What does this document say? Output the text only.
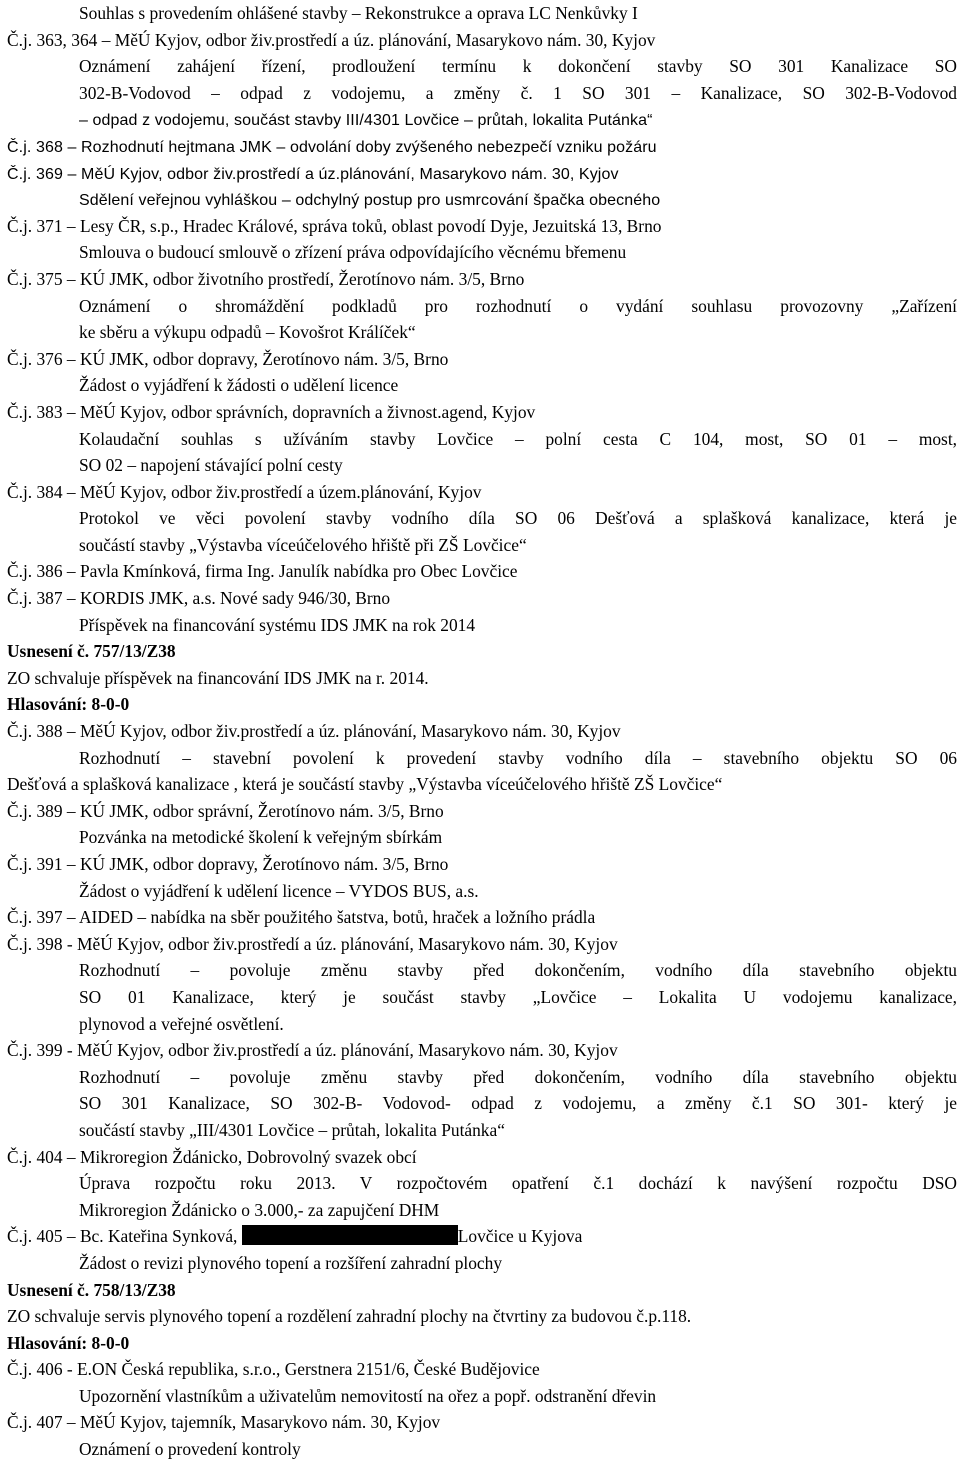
Souhlas s provedením ohlášené stavby – Rekonstrukce a oprava LC Nenkůvky I
Č.j. 363, 364 – MěÚ Kyjov, odbor živ.prostředí a úz. plánování, Masarykovo nám. 30, Kyjov
Oznámení zahájení řízení, prodloužení termínu k dokončení stavby SO 301 Kanalizace SO
302-B-Vodovod – odpad z vodojemu, a změny č. 1 SO 301 – Kanalizace, SO 302-B-Vodovod
– odpad z vodojemu, součást stavby III/4301 Lovčice – průtah, lokalita Putánka“
Č.j. 368 – Rozhodnutí hejtmana JMK – odvolání doby zvýšeného nebezpečí vzniku požáru
Č.j. 369 – MěÚ Kyjov, odbor živ.prostředí a úz.plánování, Masarykovo nám. 30, Kyjov
Sdělení veřejnou vyhláškou – odchylný postup pro usmrcování špačka obecného
Č.j. 371 – Lesy ČR, s.p., Hradec Králové, správa toků, oblast povodí Dyje, Jezuitská 13, Brno
Smlouva o budoucí smlouvě o zřízení práva odpovídajícího věcnému břemenu
Č.j. 375 – KÚ JMK, odbor životního prostředí, Žerotínovo nám. 3/5, Brno
Oznámení o shromáždění podkladů pro rozhodnutí o vydání souhlasu provozovny „Zařízení
ke sběru a výkupu odpadů – Kovošrot Králíček“
Č.j. 376 – KÚ JMK, odbor dopravy, Žerotínovo nám. 3/5, Brno
Žádost o vyjádření k žádosti o udělení licence
Č.j. 383 – MěÚ Kyjov, odbor správních, dopravních a živnost.agend, Kyjov
Kolaudační souhlas s užíváním stavby Lovčice – polní cesta C 104, most, SO 01 – most,
SO 02 – napojení stávající polní cesty
Č.j. 384 – MěÚ Kyjov, odbor živ.prostředí a územ.plánování, Kyjov
Protokol ve věci povolení stavby vodního díla SO 06 Dešťová a splašková kanalizace, která je
součástí stavby „Výstavba víceúčelového hřiště při ZŠ Lovčice“
Č.j. 386 – Pavla Kmínková, firma Ing. Janulík nabídka pro Obec Lovčice
Č.j. 387 – KORDIS JMK, a.s. Nové sady 946/30, Brno
Příspěvek na financování systému IDS JMK na rok 2014
Usnesení č. 757/13/Z38
ZO schvaluje příspěvek na financování IDS JMK na r. 2014.
Hlasování: 8-0-0
Č.j. 388 – MěÚ Kyjov, odbor živ.prostředí a úz. plánování, Masarykovo nám. 30, Kyjov
Rozhodnutí – stavební povolení k provedení stavby vodního díla – stavebního objektu SO 06
Dešťová a splašková kanalizace , která je součástí stavby „Výstavba víceúčelového hřiště ZŠ Lovčice“
Č.j. 389 – KÚ JMK, odbor správní, Žerotínovo nám. 3/5, Brno
Pozvánka na metodické školení k veřejným sbírkám
Č.j. 391 – KÚ JMK, odbor dopravy, Žerotínovo nám. 3/5, Brno
Žádost o vyjádření k udělení licence – VYDOS BUS, a.s.
Č.j. 397 – AIDED – nabídka na sběr použitého šatstva, botů, hraček a ložního prádla
Č.j. 398 - MěÚ Kyjov, odbor živ.prostředí a úz. plánování, Masarykovo nám. 30, Kyjov
Rozhodnutí – povoluje změnu stavby před dokončením, vodního díla stavebního objektu
SO 01 Kanalizace, který je součást stavby „Lovčice – Lokalita U vodojemu kanalizace,
plynovod a veřejné osvětlení.
Č.j. 399 - MěÚ Kyjov, odbor živ.prostředí a úz. plánování, Masarykovo nám. 30, Kyjov
Rozhodnutí – povoluje změnu stavby před dokončením, vodního díla stavebního objektu
SO 301 Kanalizace, SO 302-B- Vodovod- odpad z vodojemu, a změny č.1 SO 301- který je
součástí stavby „III/4301 Lovčice – průtah, lokalita Putánka“
Č.j. 404 – Mikroregion Ždánicko, Dobrovolný svazek obcí
Úprava rozpočtu roku 2013. V rozpočtovém opatření č.1 dochází k navýšení rozpočtu DSO
Mikroregion Ždánicko o 3.000,- za zapujčení DHM
Č.j. 405 – Bc. Kateřina Synková,	Lovčice u Kyjova
Žádost o revizi plynového topení a rozšíření zahradní plochy
Usnesení č. 758/13/Z38
ZO schvaluje servis plynového topení a rozdělení zahradní plochy na čtvrtiny za budovou č.p.118.
Hlasování: 8-0-0
Č.j. 406 - E.ON Česká republika, s.r.o., Gerstnera 2151/6, České Budějovice
Upozornění vlastníkům a uživatelům nemovitostí na ořez a popř. odstranění dřevin
Č.j. 407 – MěÚ Kyjov, tajemník, Masarykovo nám. 30, Kyjov
Oznámení o provedení kontroly
